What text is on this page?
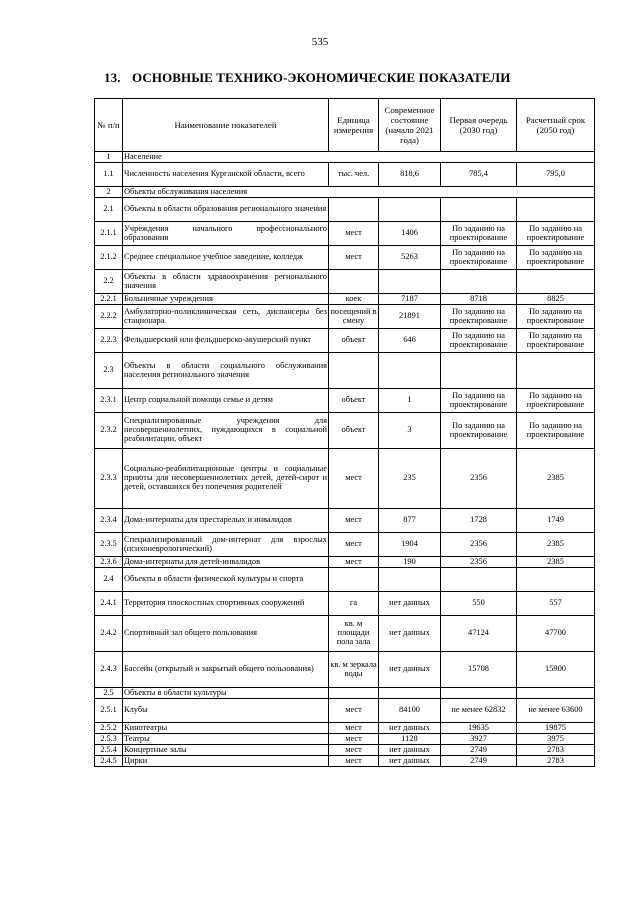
535
13. ОСНОВНЫЕ ТЕХНИКО-ЭКОНОМИЧЕСКИЕ ПОКАЗАТЕЛИ
№ п/п	Наименование показателей	Единица измерения	Современное состояние (начало 2021 года)	Первая очередь (2030 год)	Расчетный срок (2050 год)
1	Население				
1.1	Численность населения Курганской области, всего	тыс. чел.	818,6	785,4	795,0
2	Объекты обслуживания населения				
2.1	Объекты в области образования регионального значения				
2.1.1	Учреждения начального профессионального образования	мест	1406	По заданию на проектирование	По заданию на проектирование
2.1.2	Среднее специальное учебное заведение, колледж	мест	5263	По заданию на проектирование	По заданию на проектирование
2.2	Объекты в области здравоохранения регионального значения				
2.2.1	Больничные учреждения	коек	7187	8718	8825
2.2.2	Амбулаторно-поликлиническая сеть, диспансеры без стационара	посещений в смену	21891	По заданию на проектирование	По заданию на проектирование
2.2.3	Фельдшерский или фельдшерско-акушерский пункт	объект	646	По заданию на проектирование	По заданию на проектирование
2.3	Объекты в области социального обслуживания населения регионального значения				
2.3.1	Центр социальной помощи семье и детям	объект	1	По заданию на проектирование	По заданию на проектирование
2.3.2	Специализированные учреждения для несовершеннолетних, нуждающихся в социальной реабилитации, объект	объект	3	По заданию на проектирование	По заданию на проектирование
2.3.3	Социально-реабилитационные центры и социальные приюты для несовершеннолетних детей, детей-сирот и детей, оставшихся без попечения родителей	мест	235	2356	2385
2.3.4	Дома-интернаты для престарелых и инвалидов	мест	877	1728	1749
2.3.5	Специализированный дом-интернат для взрослых (психоневрологический)	мест	1904	2356	2385
2.3.6	Дома-интернаты для детей-инвалидов	мест	190	2356	2385
2.4	Объекты в области физической культуры и спорта				
2.4.1	Территория плоскостных спортивных сооружений	га	нет данных	550	557
2.4.2	Спортивный зал общего пользования	кв. м площади пола зала	нет данных	47124	47700
2.4.3	Бассейн (открытый и закрытый общего пользования)	кв. м зеркала воды	нет данных	15708	15900
2.5	Объекты в области культуры				
2.5.1	Клубы	мест	84100	не менее 62832	не менее 63600
2.5.2	Кинотеатры	мест	нет данных	19635	19875
2.5.3	Театры	мест	1128	3927	3975
2.5.4	Концертные залы	мест	нет данных	2749	2783
2.4.5	Цирки	мест	нет данных	2749	2783
